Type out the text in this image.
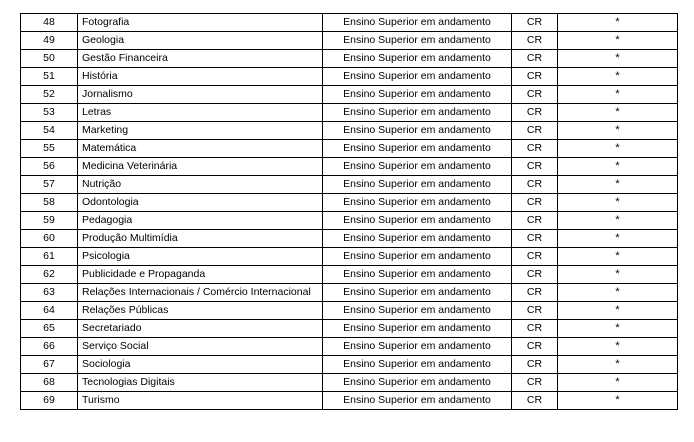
48	Fotografia	Ensino Superior em andamento	CR	*
49	Geologia	Ensino Superior em andamento	CR	*
50	Gestão Financeira	Ensino Superior em andamento	CR	*
51	História	Ensino Superior em andamento	CR	*
52	Jornalismo	Ensino Superior em andamento	CR	*
53	Letras	Ensino Superior em andamento	CR	*
54	Marketing	Ensino Superior em andamento	CR	*
55	Matemática	Ensino Superior em andamento	CR	*
56	Medicina Veterinária	Ensino Superior em andamento	CR	*
57	Nutrição	Ensino Superior em andamento	CR	*
58	Odontologia	Ensino Superior em andamento	CR	*
59	Pedagogia	Ensino Superior em andamento	CR	*
60	Produção Multimídia	Ensino Superior em andamento	CR	*
61	Psicologia	Ensino Superior em andamento	CR	*
62	Publicidade e Propaganda	Ensino Superior em andamento	CR	*
63	Relações Internacionais / Comércio Internacional	Ensino Superior em andamento	CR	*
64	Relações Públicas	Ensino Superior em andamento	CR	*
65	Secretariado	Ensino Superior em andamento	CR	*
66	Serviço Social	Ensino Superior em andamento	CR	*
67	Sociologia	Ensino Superior em andamento	CR	*
68	Tecnologias Digitais	Ensino Superior em andamento	CR	*
69	Turismo	Ensino Superior em andamento	CR	*
